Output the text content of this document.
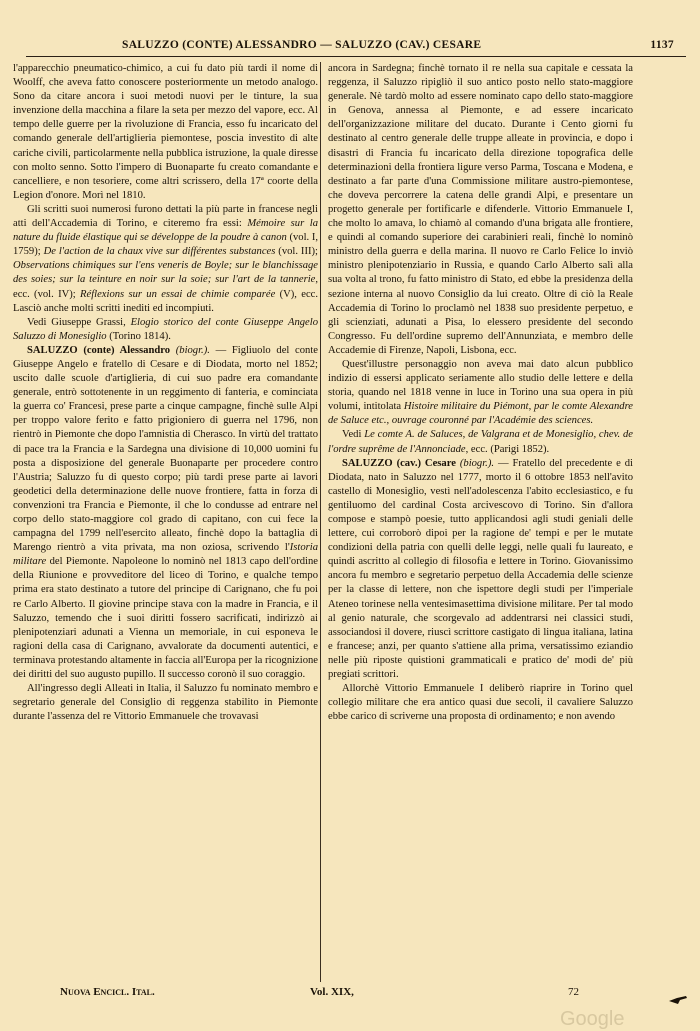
SALUZZO (CONTE) ALESSANDRO — SALUZZO (CAV.) CESARE	1137

l'apparecchio pneumatico-chimico, a cui fu dato più tardi il nome di Woolff, che aveva fatto conoscere posteriormente un metodo analogo. Sono da citare ancora i suoi metodi nuovi per le tinture, la sua invenzione della macchina a filare la seta per mezzo del vapore, ecc. Al tempo delle guerre per la rivoluzione di Francia, esso fu incaricato del comando generale dell'artiglieria piemontese, poscia investito di alte cariche civili, particolarmente nella pubblica istruzione, la quale diresse con molto senno. Sotto l'impero di Buonaparte fu creato comandante e cancelliere, e non tesoriere, come altri scrissero, della 17ª coorte della Legion d'onore. Morì nel 1810.

Gli scritti suoi numerosi furono dettati la più parte in francese negli atti dell'Accademia di Torino, e citeremo fra essi: Mémoire sur la nature du fluide élastique qui se développe de la poudre à canon (vol. I, 1759); De l'action de la chaux vive sur différentes substances (vol. III); Observations chimiques sur l'ens veneris de Boyle; sur le blanchissage des soies; sur la teinture en noir sur la soie; sur l'art de la tannerie, ecc. (vol. IV); Réflexions sur un essai de chimie comparée (V), ecc. Lasciò anche molti scritti inediti ed incompiuti.

Vedi Giuseppe Grassi, Elogio storico del conte Giuseppe Angelo Saluzzo di Monesiglio (Torino 1814).

SALUZZO (conte) Alessandro (biogr.). — Figliuolo del conte Giuseppe Angelo e fratello di Cesare e di Diodata, morto nel 1852; uscito dalle scuole d'artiglieria, di cui suo padre era comandante generale, entrò sottotenente in un reggimento di fanteria, e cominciata la guerra co' Francesi, prese parte a cinque campagne, finchè sulle Alpi per troppo valore ferito e fatto prigioniero di guerra nel 1796, non rientrò in Piemonte che dopo l'amnistia di Cherasco. In virtù del trattato di pace tra la Francia e la Sardegna una divisione di 10,000 uomini fu posta a disposizione del generale Buonaparte per procedere contro l'Austria; Saluzzo fu di questo corpo; più tardi prese parte ai lavori geodetici della determinazione delle nuove frontiere, fatta in forza di convenzioni tra Francia e Piemonte, il che lo condusse ad entrare nel corpo dello stato-maggiore col grado di capitano, con cui fece la campagna del 1799 nell'esercito alleato, finchè dopo la battaglia di Marengo rientrò a vita privata, ma non oziosa, scrivendo l'Istoria militare del Piemonte. Napoleone lo nominò nel 1813 capo dell'ordine della Riunione e provveditore del liceo di Torino, e qualche tempo prima era stato destinato a tutore del principe di Carignano, che fu poi re Carlo Alberto. Il giovine principe stava con la madre in Francia, e il Saluzzo, temendo che i suoi diritti fossero sacrificati, indirizzò ai plenipotenziari adunati a Vienna un memoriale, in cui esponeva le ragioni della casa di Carignano, avvalorate da documenti autentici, e terminava protestando altamente in faccia all'Europa per la ricognizione dei diritti del suo augusto pupillo. Il successo coronò il suo coraggio.

All'ingresso degli Alleati in Italia, il Saluzzo fu nominato membro e segretario generale del Consiglio di reggenza stabilito in Piemonte durante l'assenza del re Vittorio Emmanuele che trovavasi

ancora in Sardegna; finchè tornato il re nella sua capitale e cessata la reggenza, il Saluzzo ripigliò il suo antico posto nello stato-maggiore generale. Nè tardò molto ad essere nominato capo dello stato-maggiore in Genova, annessa al Piemonte, e ad essere incaricato dell'organizzazione militare del ducato. Durante i Cento giorni fu destinato al centro generale delle truppe alleate in provincia, e dopo i disastri di Francia fu incaricato della direzione topografica delle determinazioni della frontiera ligure verso Parma, Toscana e Modena, e destinato a far parte d'una Commissione militare austro-piemontese, che doveva percorrere la catena delle grandi Alpi, e presentare un progetto generale per fortificarle e difenderle. Vittorio Emmanuele I, che molto lo amava, lo chiamò al comando d'una brigata alle frontiere, e quindi al comando superiore dei carabinieri reali, finchè lo nominò ministro della guerra e della marina. Il nuovo re Carlo Felice lo inviò ministro plenipotenziario in Russia, e quando Carlo Alberto salì alla sua volta al trono, fu fatto ministro di Stato, ed ebbe la presidenza della sezione interna al nuovo Consiglio da lui creato. Oltre di ciò la Reale Accademia di Torino lo proclamò nel 1838 suo presidente perpetuo, e gli scienziati, adunati a Pisa, lo elessero presidente del secondo Congresso. Fu dell'ordine supremo dell'Annunziata, e membro delle Accademie di Firenze, Napoli, Lisbona, ecc.

Quest'illustre personaggio non aveva mai dato alcun pubblico indizio di essersi applicato seriamente allo studio delle lettere e della storia, quando nel 1818 venne in luce in Torino una sua opera in più volumi, intitolata Histoire militaire du Piémont, par le comte Alexandre de Saluce etc., ouvrage couronné par l'Académie des sciences.

Vedi Le comte A. de Saluces, de Valgrana et de Monesiglio, chev. de l'ordre suprême de l'Annonciade, ecc. (Parigi 1852).

SALUZZO (cav.) Cesare (biogr.). — Fratello del precedente e di Diodata, nato in Saluzzo nel 1777, morto il 6 ottobre 1853 nell'avito castello di Monesiglio, vestì nell'adolescenza l'abito ecclesiastico, e fu gentiluomo del cardinal Costa arcivescovo di Torino. Sin d'allora compose e stampò poesie, tutto applicandosi agli studi geniali delle lettere, cui corroborò dipoi per la ragione de' tempi e per le mutate condizioni della patria con quelli delle leggi, nelle quali fu laureato, e quindi ascritto al collegio di filosofia e lettere in Torino. Giovanissimo ancora fu membro e segretario perpetuo della Accademia delle scienze per la classe di lettere, non che ispettore degli studi per l'imperiale Ateneo torinese nella ventesimasettima divisione militare. Per tal modo al genio naturale, che scorgevalo ad addentrarsi nei classici studi, associandosi il dovere, riuscì scrittore castigato di lingua italiana, latina e francese; anzi, per quanto s'attiene alla prima, versatissimo eziandio nelle più riposte quistioni grammaticali e pratico de' modi de' più pregiati scrittori.

Allorchè Vittorio Emmanuele I deliberò riaprire in Torino quel collegio militare che era antico quasi due secoli, il cavaliere Saluzzo ebbe carico di scriverne una proposta di ordinamento; e non avendo

Nuova Encicl. Ital.	Vol. XIX,	72
Google
